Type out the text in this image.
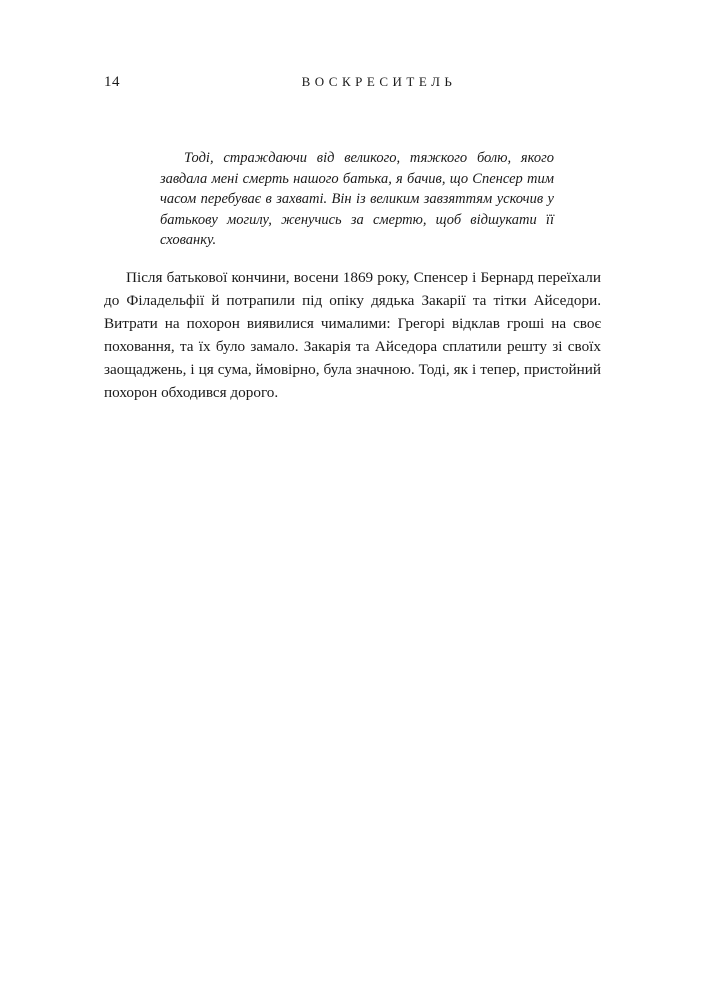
14	ВОСКРЕСИТЕЛЬ

Тоді, страждаючи від великого, тяжкого болю, якого завдала мені смерть нашого батька, я бачив, що Спенсер тим часом перебуває в захваті. Він із великим завзяттям ускочив у батькову могилу, женучись за смертю, щоб відшукати її схованку.

Після батькової кончини, восени 1869 року, Спенсер і Бернард переїхали до Філадельфії й потрапили під опіку дядька Закарії та тітки Айседори. Витрати на похорон виявилися чималими: Грегорі відклав гроші на своє поховання, та їх було замало. Закарія та Айседора сплатили решту зі своїх заощаджень, і ця сума, ймовірно, була значною. Тоді, як і тепер, пристойний похорон обходився дорого.
